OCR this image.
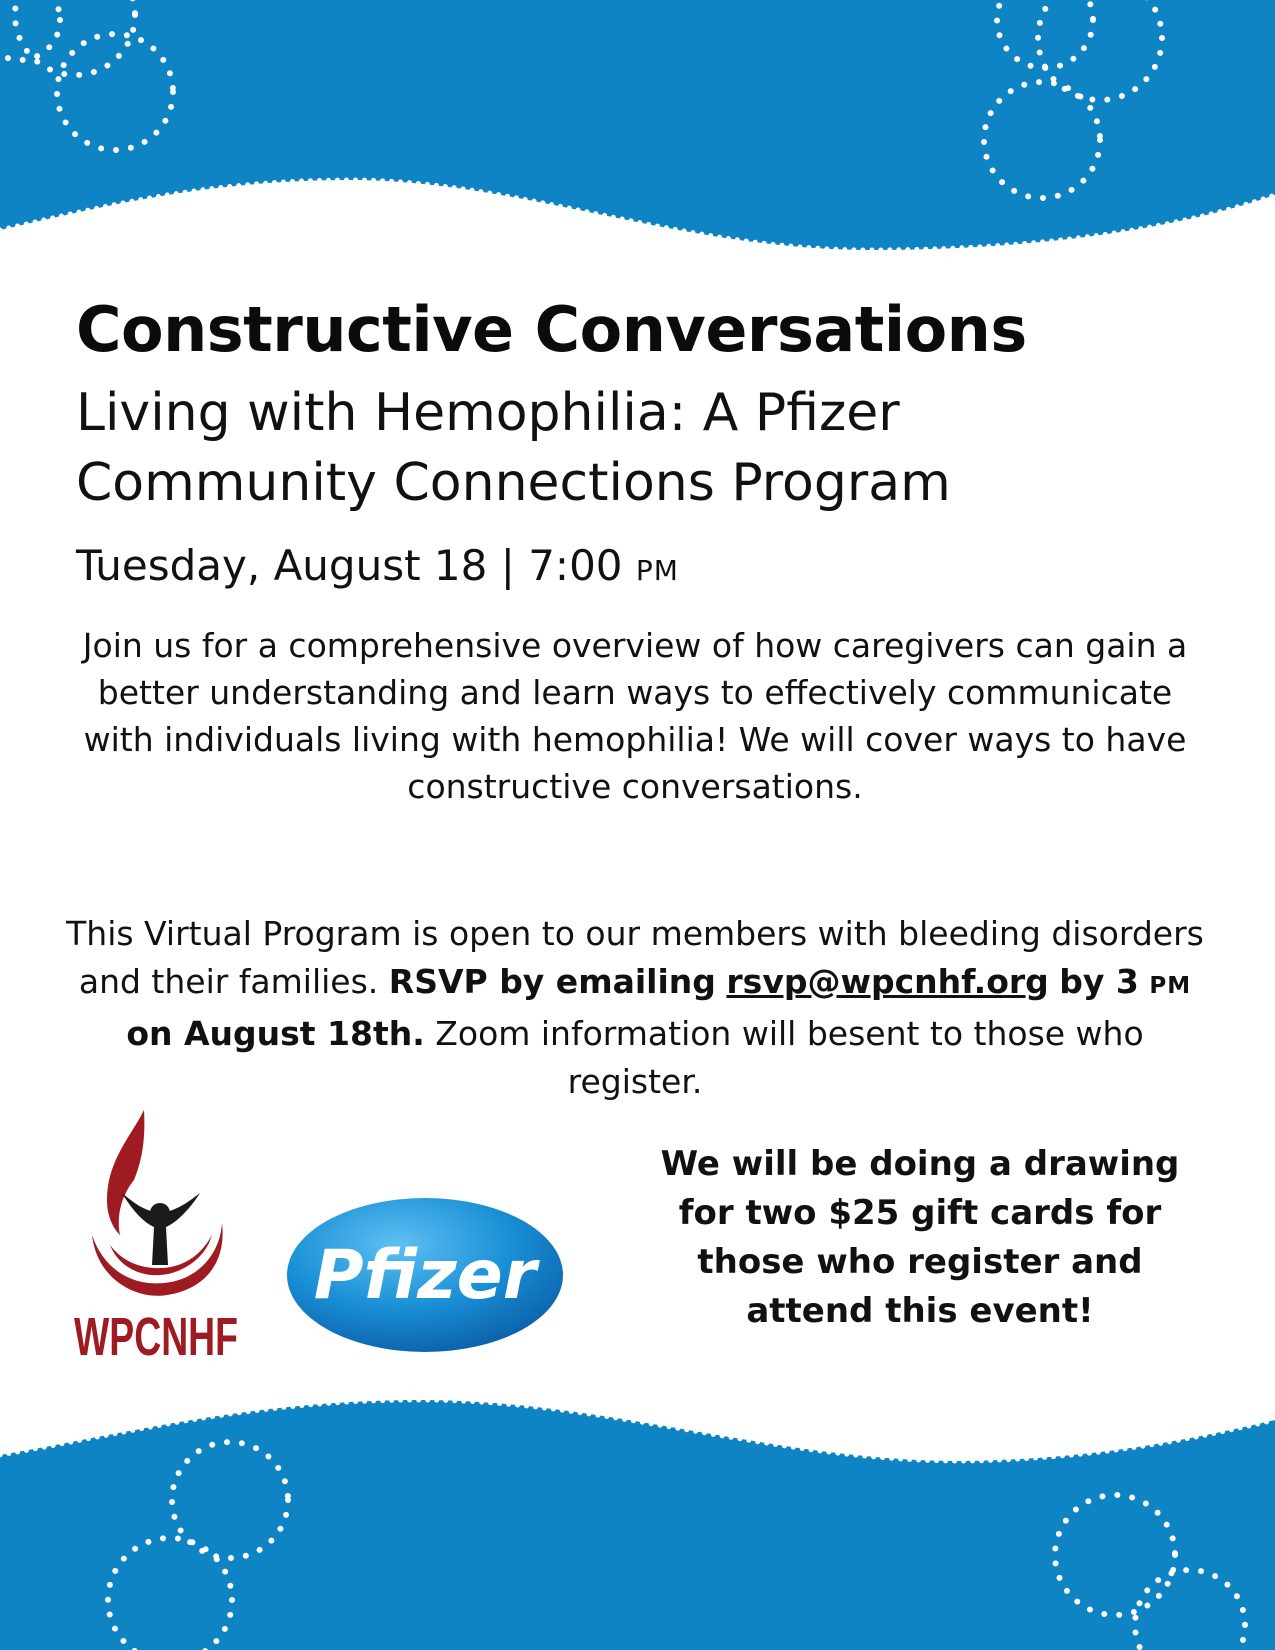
Constructive Conversations
Living with Hemophilia: A Pfizer Community Connections Program
Tuesday, August 18 | 7:00 PM
Join us for a comprehensive overview of how caregivers can gain a better understanding and learn ways to effectively communicate with individuals living with hemophilia! We will cover ways to have constructive conversations.
This Virtual Program is open to our members with bleeding disorders and their families. RSVP by emailing rsvp@wpcnhf.org by 3 PM on August 18th. Zoom information will besent to those who register.
We will be doing a drawing for two $25 gift cards for those who register and attend this event!
WPCNHF
Pfizer
